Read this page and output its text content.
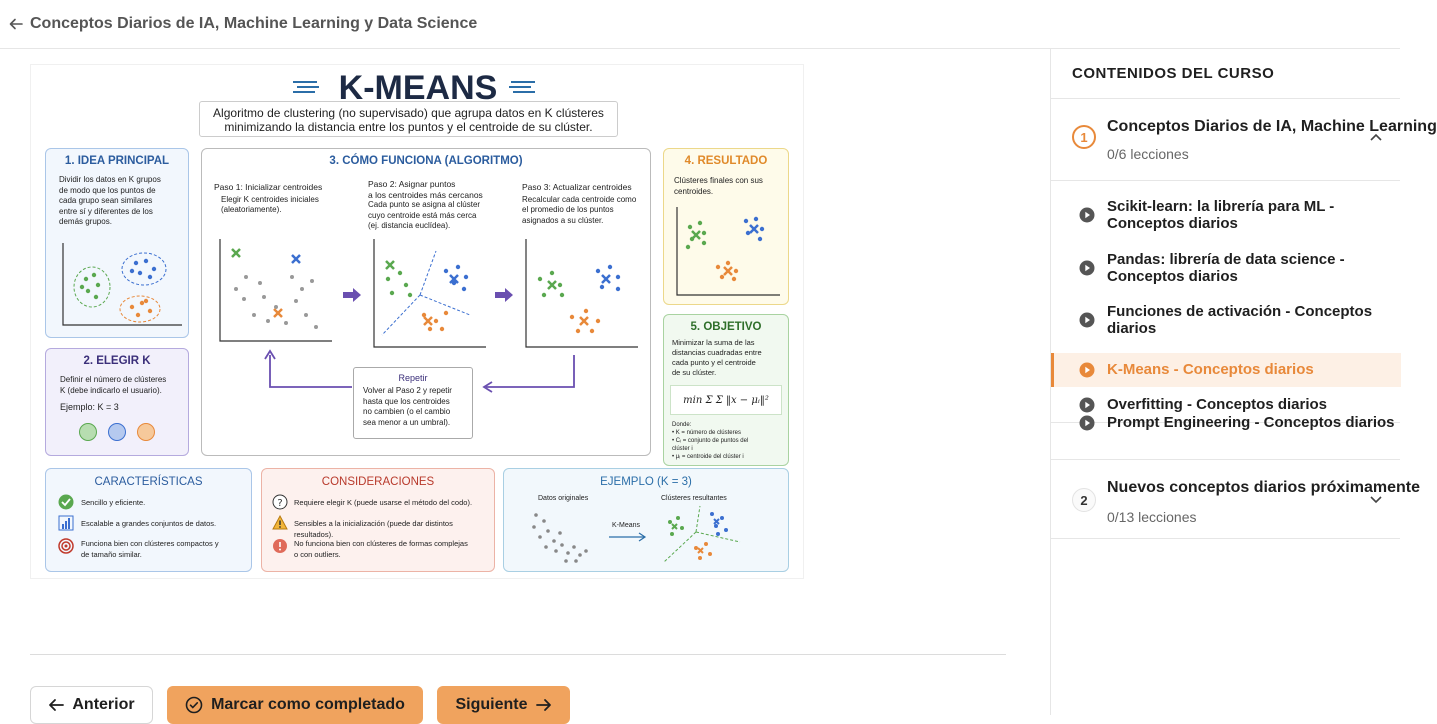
Conceptos Diarios de IA, Machine Learning y Data Science
K-MEANS
Algoritmo de clustering (no supervisado) que agrupa datos en K clústeres
minimizando la distancia entre los puntos y el centroide de su clúster.
1. IDEA PRINCIPAL
Dividir los datos en K grupos
de modo que los puntos de
cada grupo sean similares
entre sí y diferentes de los
demás grupos.
2. ELEGIR K
Definir el número de clústeres
K (debe indicarlo el usuario).
Ejemplo: K = 3
3. CÓMO FUNCIONA (ALGORITMO)
Paso 1: Inicializar centroides
Elegir K centroides iniciales
(aleatoriamente).
Paso 2: Asignar puntos
a los centroides más cercanos
Cada punto se asigna al clúster
cuyo centroide está más cerca
(ej. distancia euclídea).
Paso 3: Actualizar centroides
Recalcular cada centroide como
el promedio de los puntos
asignados a su clúster.
Repetir
Volver al Paso 2 y repetir
hasta que los centroides
no cambien (o el cambio
sea menor a un umbral).
4. RESULTADO
Clústeres finales con sus
centroides.
5. OBJETIVO
Minimizar la suma de las
distancias cuadradas entre
cada punto y el centroide
de su clúster.
min Σ Σ ‖x − μᵢ‖²
Donde:
• K = número de clústeres
• Cᵢ = conjunto de puntos del
clúster i
• μᵢ = centroide del clúster i
CARACTERÍSTICAS
Sencillo y eficiente.
Escalable a grandes conjuntos de datos.
Funciona bien con clústeres compactos y
de tamaño similar.
CONSIDERACIONES
? Requiere elegir K (puede usarse el método del codo).
Sensibles a la inicialización (puede dar distintos resultados).
No funciona bien con clústeres de formas complejas
o con outliers.
EJEMPLO (K = 3)
Datos originales	Clústeres resultantes
K-Means
Anterior	Marcar como completado	Siguiente
CONTENIDOS DEL CURSO
1
Conceptos Diarios de IA, Machine Learning
0/6 lecciones
Scikit-learn: la librería para ML -
Conceptos diarios
Pandas: librería de data science -
Conceptos diarios
Funciones de activación - Conceptos
diarios
K-Means - Conceptos diarios
Overfitting - Conceptos diarios
2
Nuevos conceptos diarios próximamente
0/13 lecciones
Prompt Engineering - Conceptos diarios
